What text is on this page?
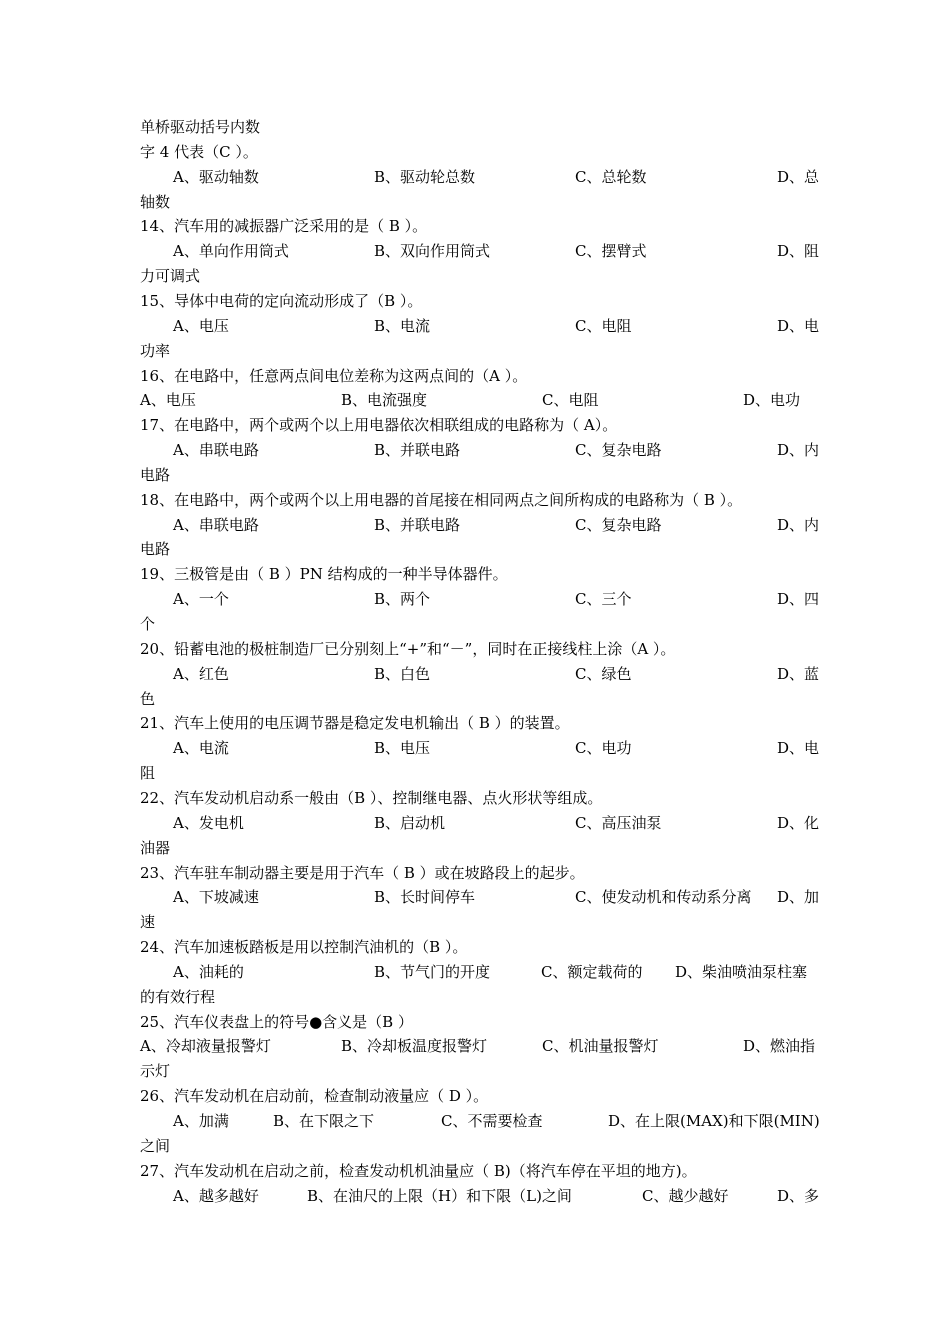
单桥驱动括号内数
字 4 代表（C ）。
A、驱动轴数	B、驱动轮总数	C、总轮数	D、总
轴数
14、汽车用的减振器广泛采用的是（ B ）。
A、单向作用筒式	B、双向作用筒式	C、摆臂式	D、阻
力可调式
15、导体中电荷的定向流动形成了（B ）。
A、电压	B、电流	C、电阻	D、电
功率
16、在电路中，任意两点间电位差称为这两点间的（A ）。
A、电压	B、电流强度	C、电阻	D、电功
17、在电路中，两个或两个以上用电器依次相联组成的电路称为（ A）。
A、串联电路	B、并联电路	C、复杂电路	D、内
电路
18、在电路中，两个或两个以上用电器的首尾接在相同两点之间所构成的电路称为（ B ）。
A、串联电路	B、并联电路	C、复杂电路	D、内
电路
19、三极管是由（ B ）PN 结构成的一种半导体器件。
A、一个	B、两个	C、三个	D、四
个
20、铅蓄电池的极桩制造厂已分别刻上“+”和“－”，同时在正接线柱上涂（A ）。
A、红色	B、白色	C、绿色	D、蓝
色
21、汽车上使用的电压调节器是稳定发电机输出（ B ）的装置。
A、电流	B、电压	C、电功	D、电
阻
22、汽车发动机启动系一般由（B ）、控制继电器、点火形状等组成。
A、发电机	B、启动机	C、高压油泵	D、化
油器
23、汽车驻车制动器主要是用于汽车（ B ）或在坡路段上的起步。
A、下坡减速	B、长时间停车	C、使发动机和传动系分离 D、加
速
24、汽车加速板踏板是用以控制汽油机的（B ）。
A、油耗的	B、节气门的开度	C、额定载荷的 D、柴油喷油泵柱塞
的有效行程
25、汽车仪表盘上的符号●含义是（B ）
A、冷却液量报警灯	B、冷却板温度报警灯	C、机油量报警灯	D、燃油指
示灯
26、汽车发动机在启动前，检查制动液量应（ D ）。
A、加满	B、在下限之下	C、不需要检查	D、在上限(MAX)和下限(MIN)
之间
27、汽车发动机在启动之前，检查发动机机油量应（ B)（将汽车停在平坦的地方)。
A、越多越好	B、在油尺的上限（H）和下限（L)之间	C、越少越好	D、多
